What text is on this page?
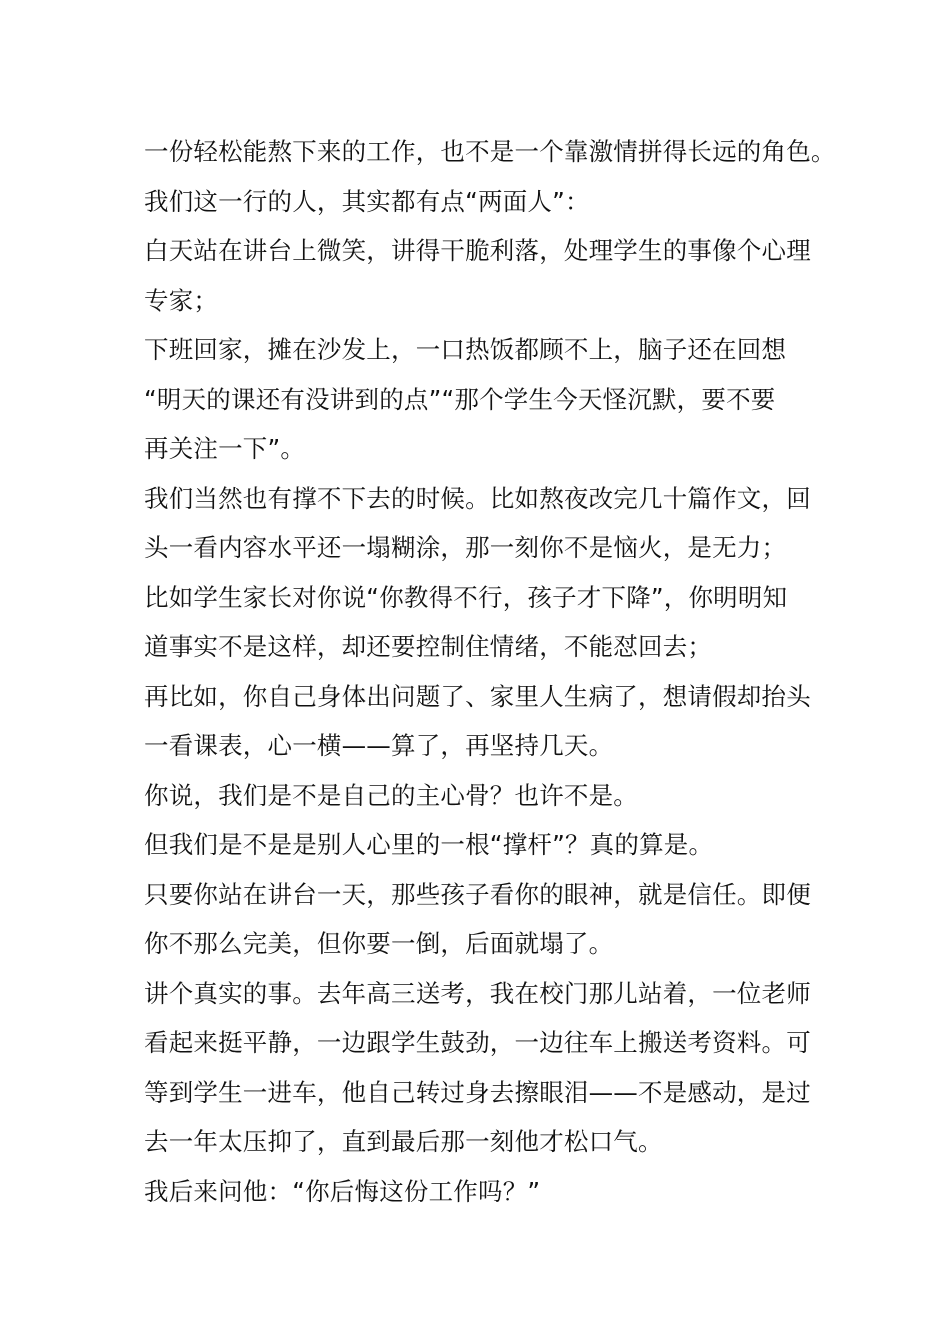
一份轻松能熬下来的工作，也不是一个靠激情拼得长远的角色。
我们这一行的人，其实都有点“两面人”：
白天站在讲台上微笑，讲得干脆利落，处理学生的事像个心理
专家；
下班回家，摊在沙发上，一口热饭都顾不上，脑子还在回想
“明天的课还有没讲到的点”“那个学生今天怪沉默，要不要
再关注一下”。
我们当然也有撑不下去的时候。比如熬夜改完几十篇作文，回
头一看内容水平还一塌糊涂，那一刻你不是恼火，是无力；
比如学生家长对你说“你教得不行，孩子才下降”，你明明知
道事实不是这样，却还要控制住情绪，不能怼回去；
再比如，你自己身体出问题了、家里人生病了，想请假却抬头
一看课表，心一横——算了，再坚持几天。
你说，我们是不是自己的主心骨？也许不是。
但我们是不是是别人心里的一根“撑杆”？真的算是。
只要你站在讲台一天，那些孩子看你的眼神，就是信任。即便
你不那么完美，但你要一倒，后面就塌了。
讲个真实的事。去年高三送考，我在校门那儿站着，一位老师
看起来挺平静，一边跟学生鼓劲，一边往车上搬送考资料。可
等到学生一进车，他自己转过身去擦眼泪——不是感动，是过
去一年太压抑了，直到最后那一刻他才松口气。
我后来问他：“你后悔这份工作吗？”
